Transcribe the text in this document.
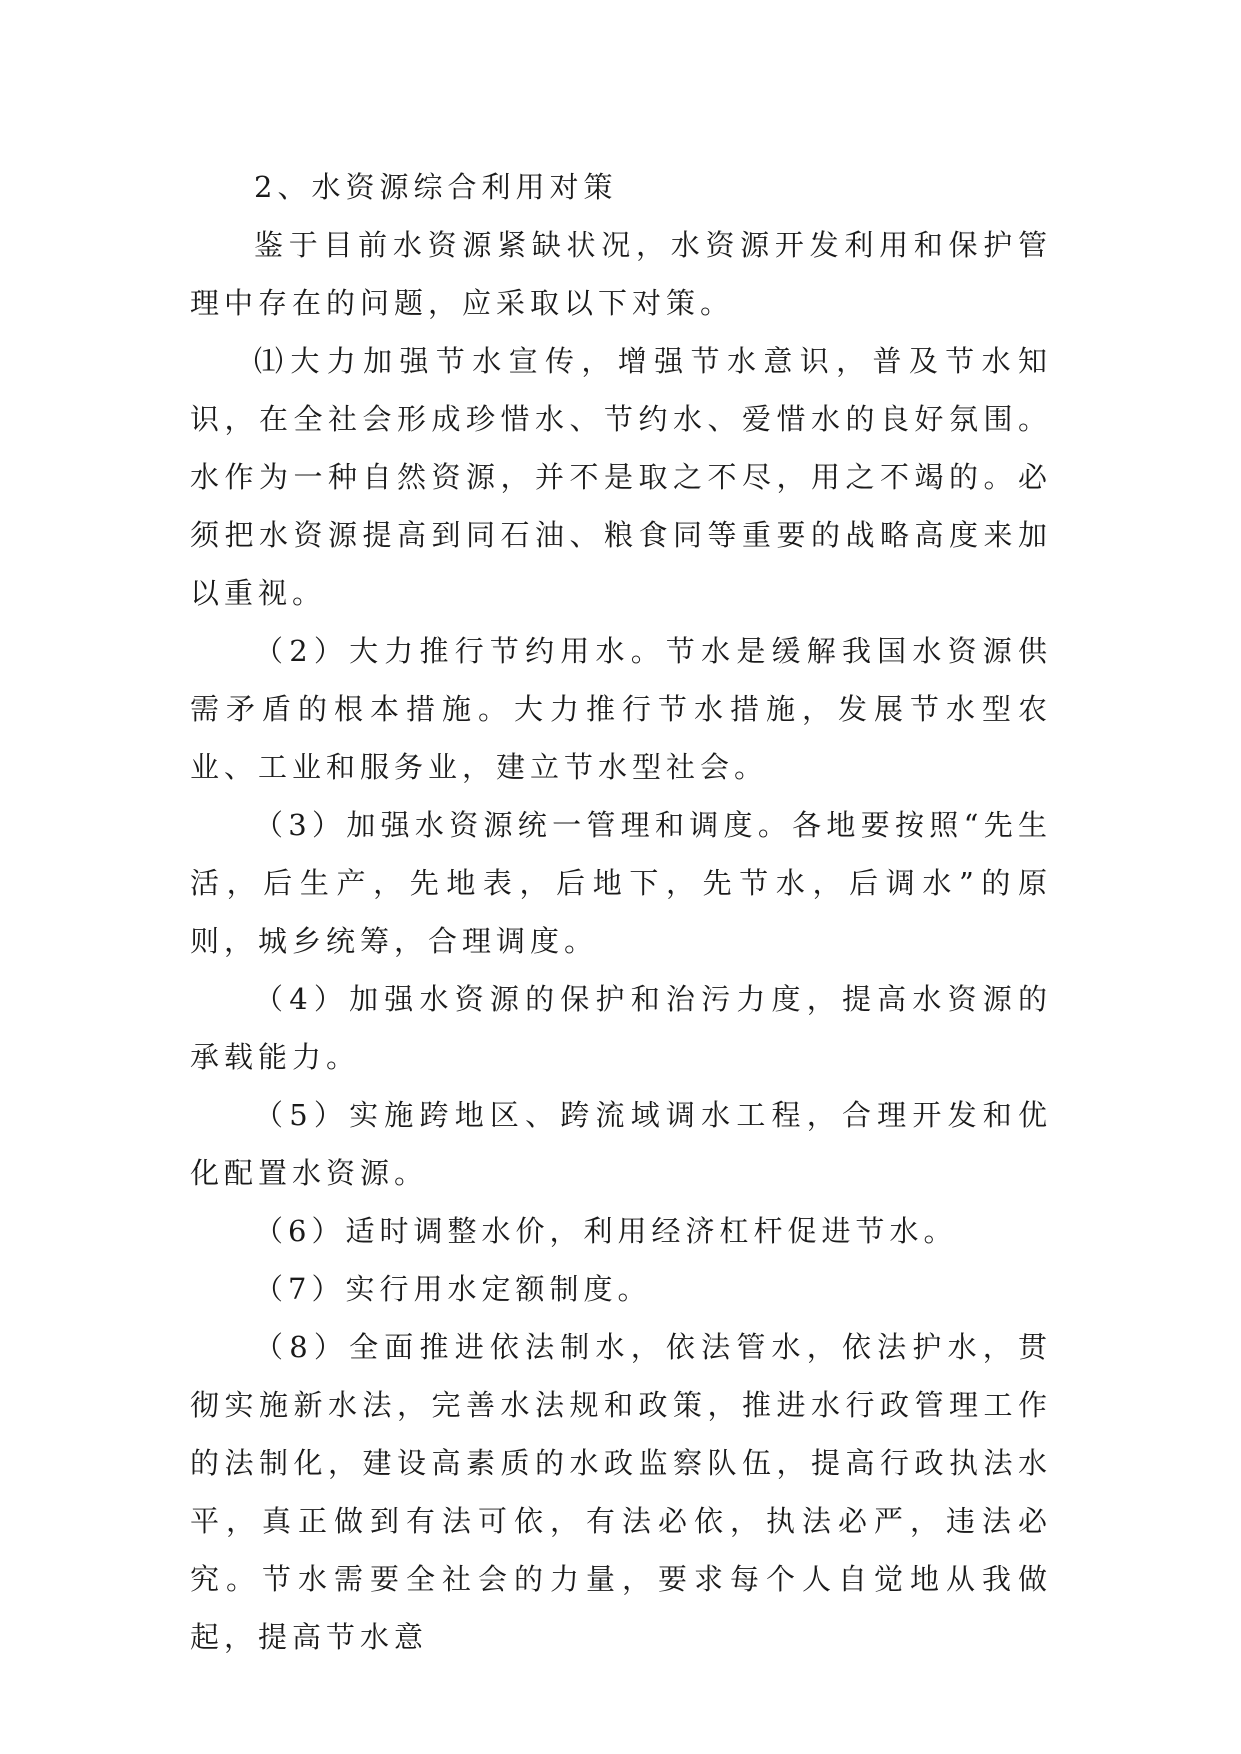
2、水资源综合利用对策

鉴于目前水资源紧缺状况，水资源开发利用和保护管理中存在的问题，应采取以下对策。

⑴大力加强节水宣传，增强节水意识，普及节水知识，在全社会形成珍惜水、节约水、爱惜水的良好氛围。水作为一种自然资源，并不是取之不尽，用之不竭的。必须把水资源提高到同石油、粮食同等重要的战略高度来加以重视。

（2）大力推行节约用水。节水是缓解我国水资源供需矛盾的根本措施。大力推行节水措施，发展节水型农业、工业和服务业，建立节水型社会。

（3）加强水资源统一管理和调度。各地要按照“先生活，后生产，先地表，后地下，先节水，后调水”的原则，城乡统筹，合理调度。

（4）加强水资源的保护和治污力度，提高水资源的承载能力。

（5）实施跨地区、跨流域调水工程，合理开发和优化配置水资源。

（6）适时调整水价，利用经济杠杆促进节水。

（7）实行用水定额制度。

（8）全面推进依法制水，依法管水，依法护水，贯彻实施新水法，完善水法规和政策，推进水行政管理工作的法制化，建设高素质的水政监察队伍，提高行政执法水平，真正做到有法可依，有法必依，执法必严，违法必究。节水需要全社会的力量，要求每个人自觉地从我做起，提高节水意
